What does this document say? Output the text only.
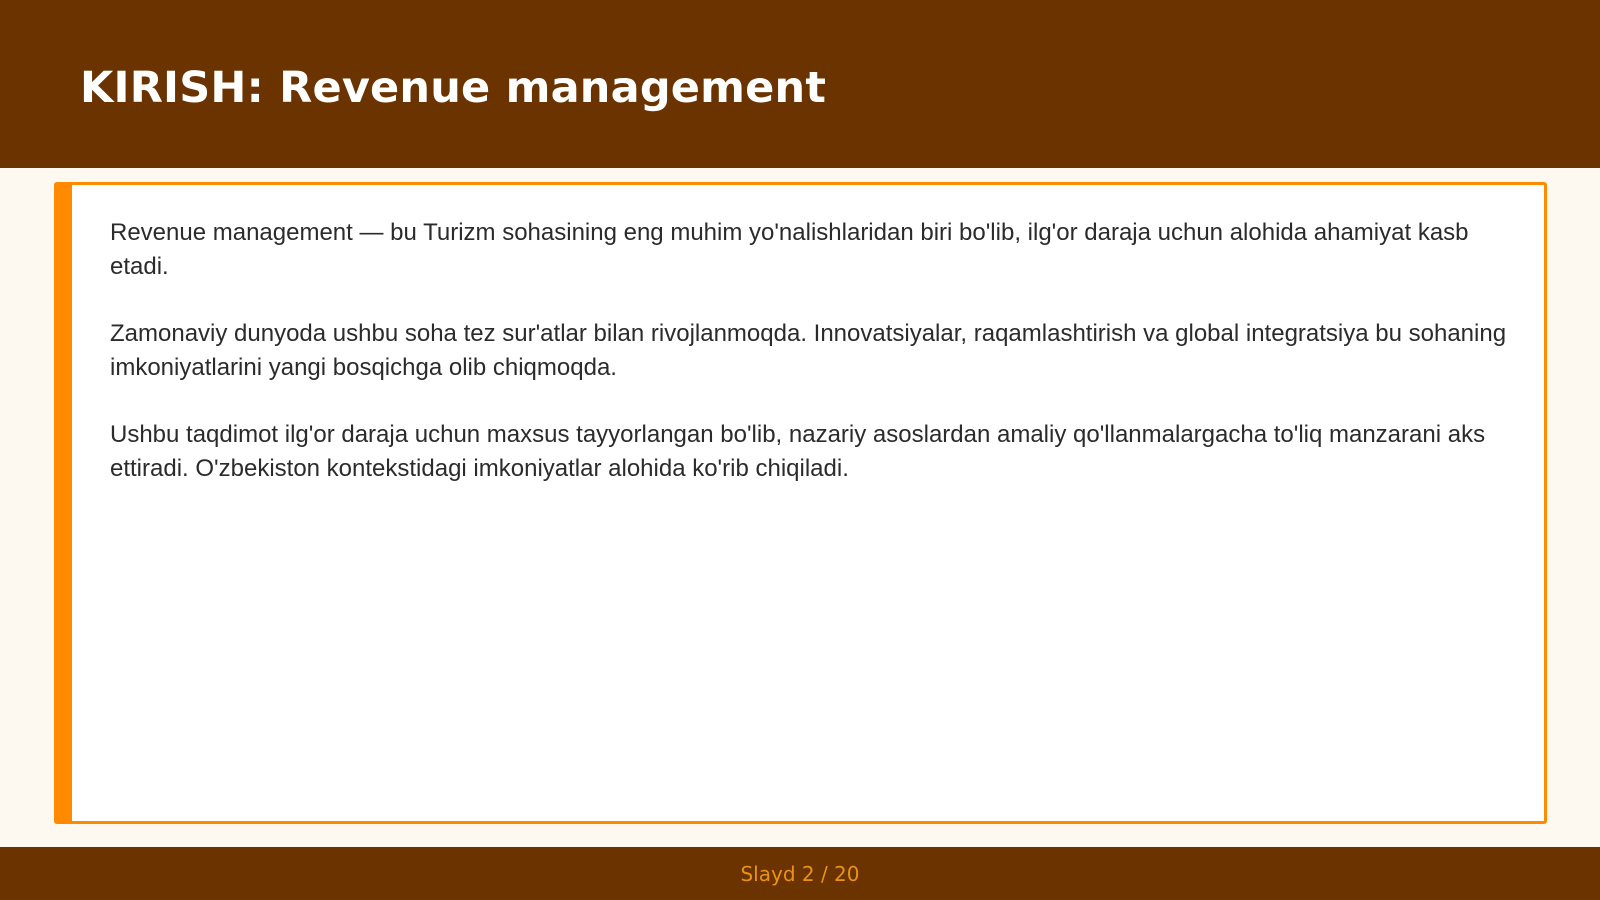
KIRISH: Revenue management

Revenue management — bu Turizm sohasining eng muhim yo'nalishlaridan biri bo'lib, ilg'or daraja uchun alohida ahamiyat kasb etadi.

Zamonaviy dunyoda ushbu soha tez sur'atlar bilan rivojlanmoqda. Innovatsiyalar, raqamlashtirish va global integratsiya bu sohaning imkoniyatlarini yangi bosqichga olib chiqmoqda.

Ushbu taqdimot ilg'or daraja uchun maxsus tayyorlangan bo'lib, nazariy asoslardan amaliy qo'llanmalargacha to'liq manzarani aks ettiradi. O'zbekiston kontekstidagi imkoniyatlar alohida ko'rib chiqiladi.

Slayd 2 / 20
